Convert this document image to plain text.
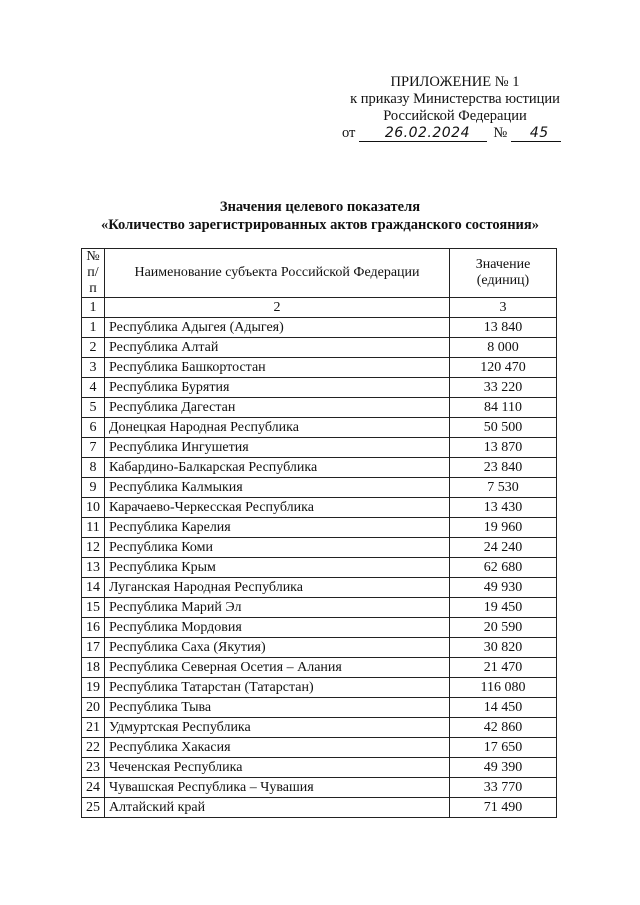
ПРИЛОЖЕНИЕ № 1
к приказу Министерства юстиции
Российской Федерации
от	26.02.2024	№	45
Значения целевого показателя
«Количество зарегистрированных актов гражданского состояния»
№
п/п	Наименование субъекта Российской Федерации	Значение
(единиц)
1	2	3
1	Республика Адыгея (Адыгея)	13 840
2	Республика Алтай	8 000
3	Республика Башкортостан	120 470
4	Республика Бурятия	33 220
5	Республика Дагестан	84 110
6	Донецкая Народная Республика	50 500
7	Республика Ингушетия	13 870
8	Кабардино-Балкарская Республика	23 840
9	Республика Калмыкия	7 530
10	Карачаево-Черкесская Республика	13 430
11	Республика Карелия	19 960
12	Республика Коми	24 240
13	Республика Крым	62 680
14	Луганская Народная Республика	49 930
15	Республика Марий Эл	19 450
16	Республика Мордовия	20 590
17	Республика Саха (Якутия)	30 820
18	Республика Северная Осетия – Алания	21 470
19	Республика Татарстан (Татарстан)	116 080
20	Республика Тыва	14 450
21	Удмуртская Республика	42 860
22	Республика Хакасия	17 650
23	Чеченская Республика	49 390
24	Чувашская Республика – Чувашия	33 770
25	Алтайский край	71 490
